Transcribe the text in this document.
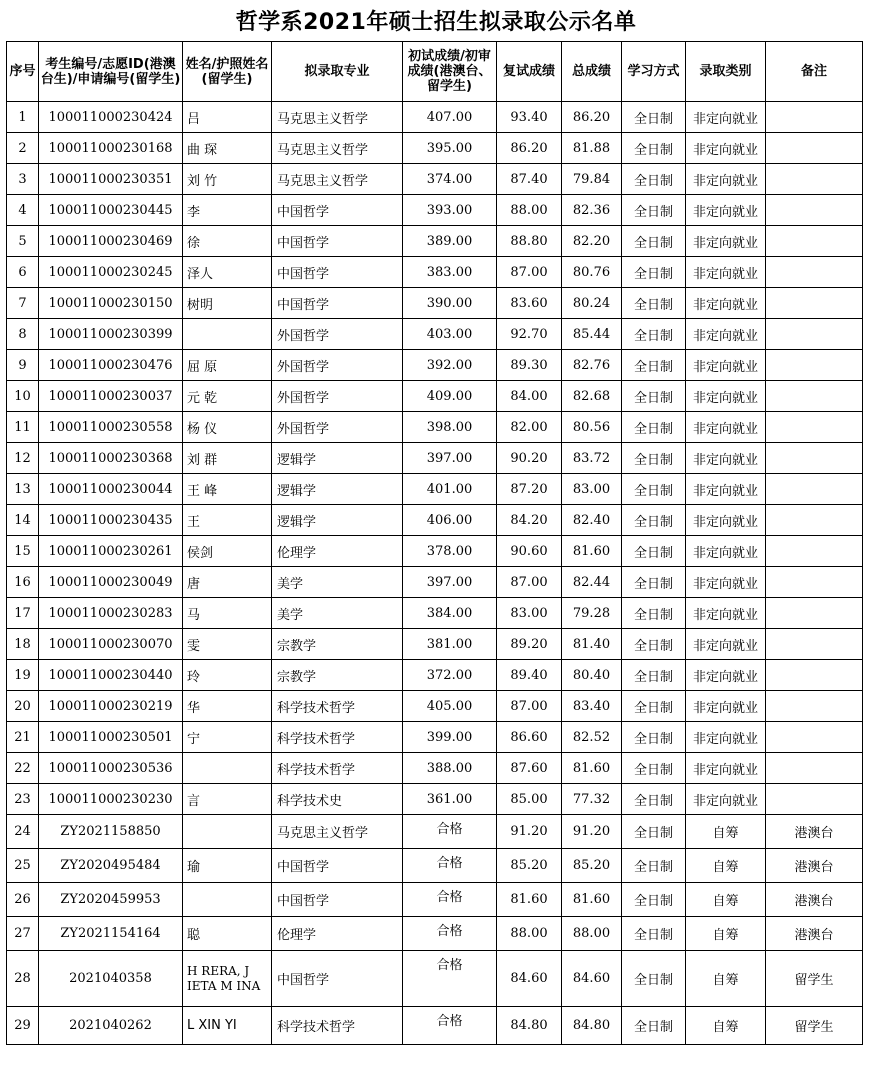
哲学系2021年硕士招生拟录取公示名单
序号	考生编号/志愿ID(港澳台生)/申请编号(留学生)	姓名/护照姓名(留学生)	拟录取专业	初试成绩/初审成绩(港澳台、留学生)	复试成绩	总成绩	学习方式	录取类别	备注
1	100011000230424	吕	马克思主义哲学	407.00	93.40	86.20	全日制	非定向就业	
2	100011000230168	曲 琛	马克思主义哲学	395.00	86.20	81.88	全日制	非定向就业	
3	100011000230351	刘 竹	马克思主义哲学	374.00	87.40	79.84	全日制	非定向就业	
4	100011000230445	李	中国哲学	393.00	88.00	82.36	全日制	非定向就业	
5	100011000230469	徐	中国哲学	389.00	88.80	82.20	全日制	非定向就业	
6	100011000230245	泽人	中国哲学	383.00	87.00	80.76	全日制	非定向就业	
7	100011000230150	树明	中国哲学	390.00	83.60	80.24	全日制	非定向就业	
8	100011000230399		外国哲学	403.00	92.70	85.44	全日制	非定向就业	
9	100011000230476	屈 原	外国哲学	392.00	89.30	82.76	全日制	非定向就业	
10	100011000230037	元 乾	外国哲学	409.00	84.00	82.68	全日制	非定向就业	
11	100011000230558	杨 仪	外国哲学	398.00	82.00	80.56	全日制	非定向就业	
12	100011000230368	刘 群	逻辑学	397.00	90.20	83.72	全日制	非定向就业	
13	100011000230044	王 峰	逻辑学	401.00	87.20	83.00	全日制	非定向就业	
14	100011000230435	王	逻辑学	406.00	84.20	82.40	全日制	非定向就业	
15	100011000230261	侯剑	伦理学	378.00	90.60	81.60	全日制	非定向就业	
16	100011000230049	唐	美学	397.00	87.00	82.44	全日制	非定向就业	
17	100011000230283	马	美学	384.00	83.00	79.28	全日制	非定向就业	
18	100011000230070	雯	宗教学	381.00	89.20	81.40	全日制	非定向就业	
19	100011000230440	玲	宗教学	372.00	89.40	80.40	全日制	非定向就业	
20	100011000230219	华	科学技术哲学	405.00	87.00	83.40	全日制	非定向就业	
21	100011000230501	宁	科学技术哲学	399.00	86.60	82.52	全日制	非定向就业	
22	100011000230536		科学技术哲学	388.00	87.60	81.60	全日制	非定向就业	
23	100011000230230	言	科学技术史	361.00	85.00	77.32	全日制	非定向就业	
24	ZY2021158850		马克思主义哲学	合格	91.20	91.20	全日制	自筹	港澳台
25	ZY2020495484	瑜	中国哲学	合格	85.20	85.20	全日制	自筹	港澳台
26	ZY2020459953		中国哲学	合格	81.60	81.60	全日制	自筹	港澳台
27	ZY2021154164	聪	伦理学	合格	88.00	88.00	全日制	自筹	港澳台
28	2021040358	H RERA, J IETA M INA	中国哲学	合格	84.60	84.60	全日制	自筹	留学生
29	2021040262	L XIN YI	科学技术哲学	合格	84.80	84.80	全日制	自筹	留学生
